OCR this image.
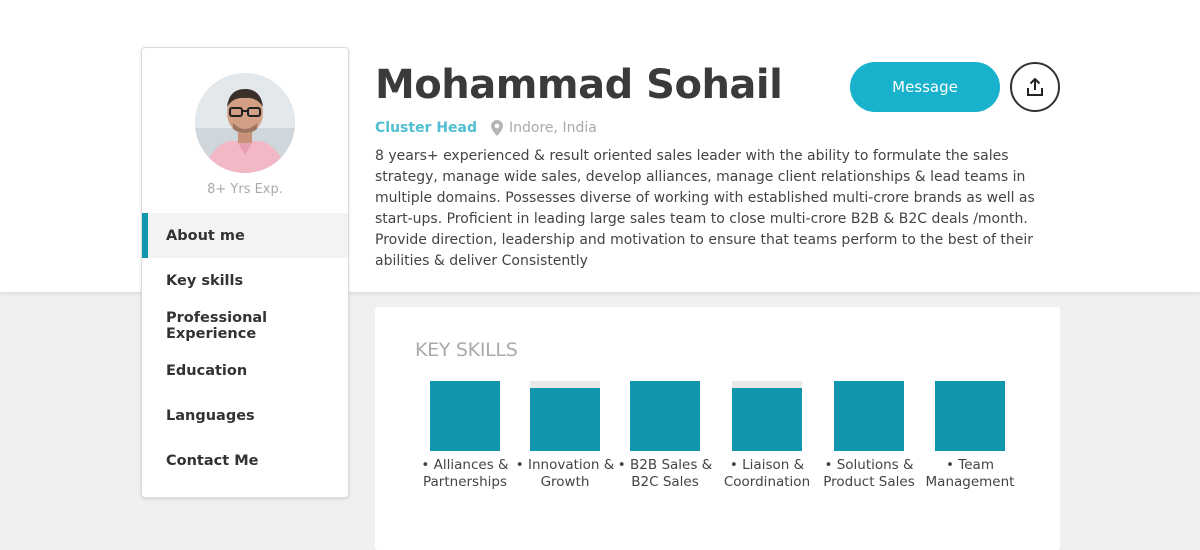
8+ Yrs Exp.
About me
Key skills
Professional Experience
Education
Languages
Contact Me
Mohammad Sohail
Cluster Head Indore, India
8 years+ experienced & result oriented sales leader with the ability to formulate the sales strategy, manage wide sales, develop alliances, manage client relationships & lead teams in multiple domains. Possesses diverse of working with established multi-crore brands as well as start-ups. Proficient in leading large sales team to close multi-crore B2B & B2C deals /month. Provide direction, leadership and motivation to ensure that teams perform to the best of their abilities & deliver Consistently
Message
KEY SKILLS
• Alliances & Partnerships
• Innovation & Growth
• B2B Sales & B2C Sales
• Liaison & Coordination
• Solutions & Product Sales
• Team Management
